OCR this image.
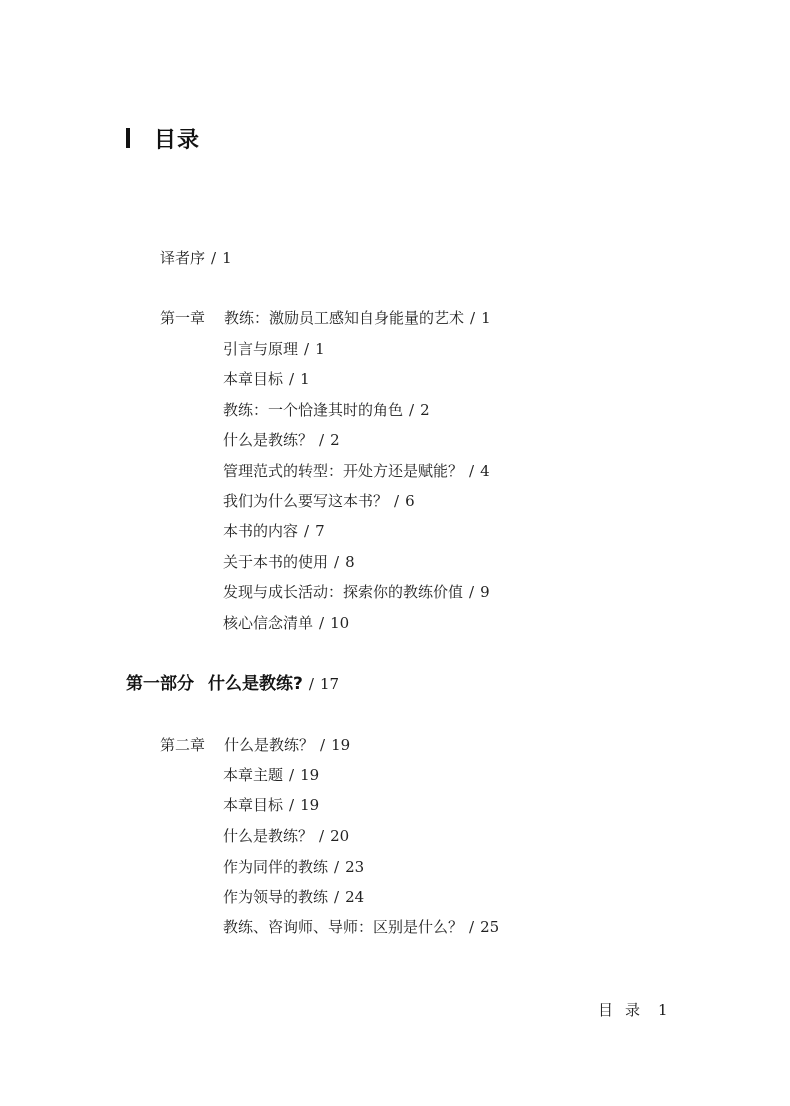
目录
译者序 / 1
第一章 教练：激励员工感知自身能量的艺术 / 1
引言与原理 / 1
本章目标 / 1
教练：一个恰逢其时的角色 / 2
什么是教练？ / 2
管理范式的转型：开处方还是赋能？ / 4
我们为什么要写这本书？ / 6
本书的内容 / 7
关于本书的使用 / 8
发现与成长活动：探索你的教练价值 / 9
核心信念清单 / 10
第一部分 什么是教练? / 17
第二章 什么是教练？ / 19
本章主题 / 19
本章目标 / 19
什么是教练？ / 20
作为同伴的教练 / 23
作为领导的教练 / 24
教练、咨询师、导师：区别是什么？ / 25
目 录 1
